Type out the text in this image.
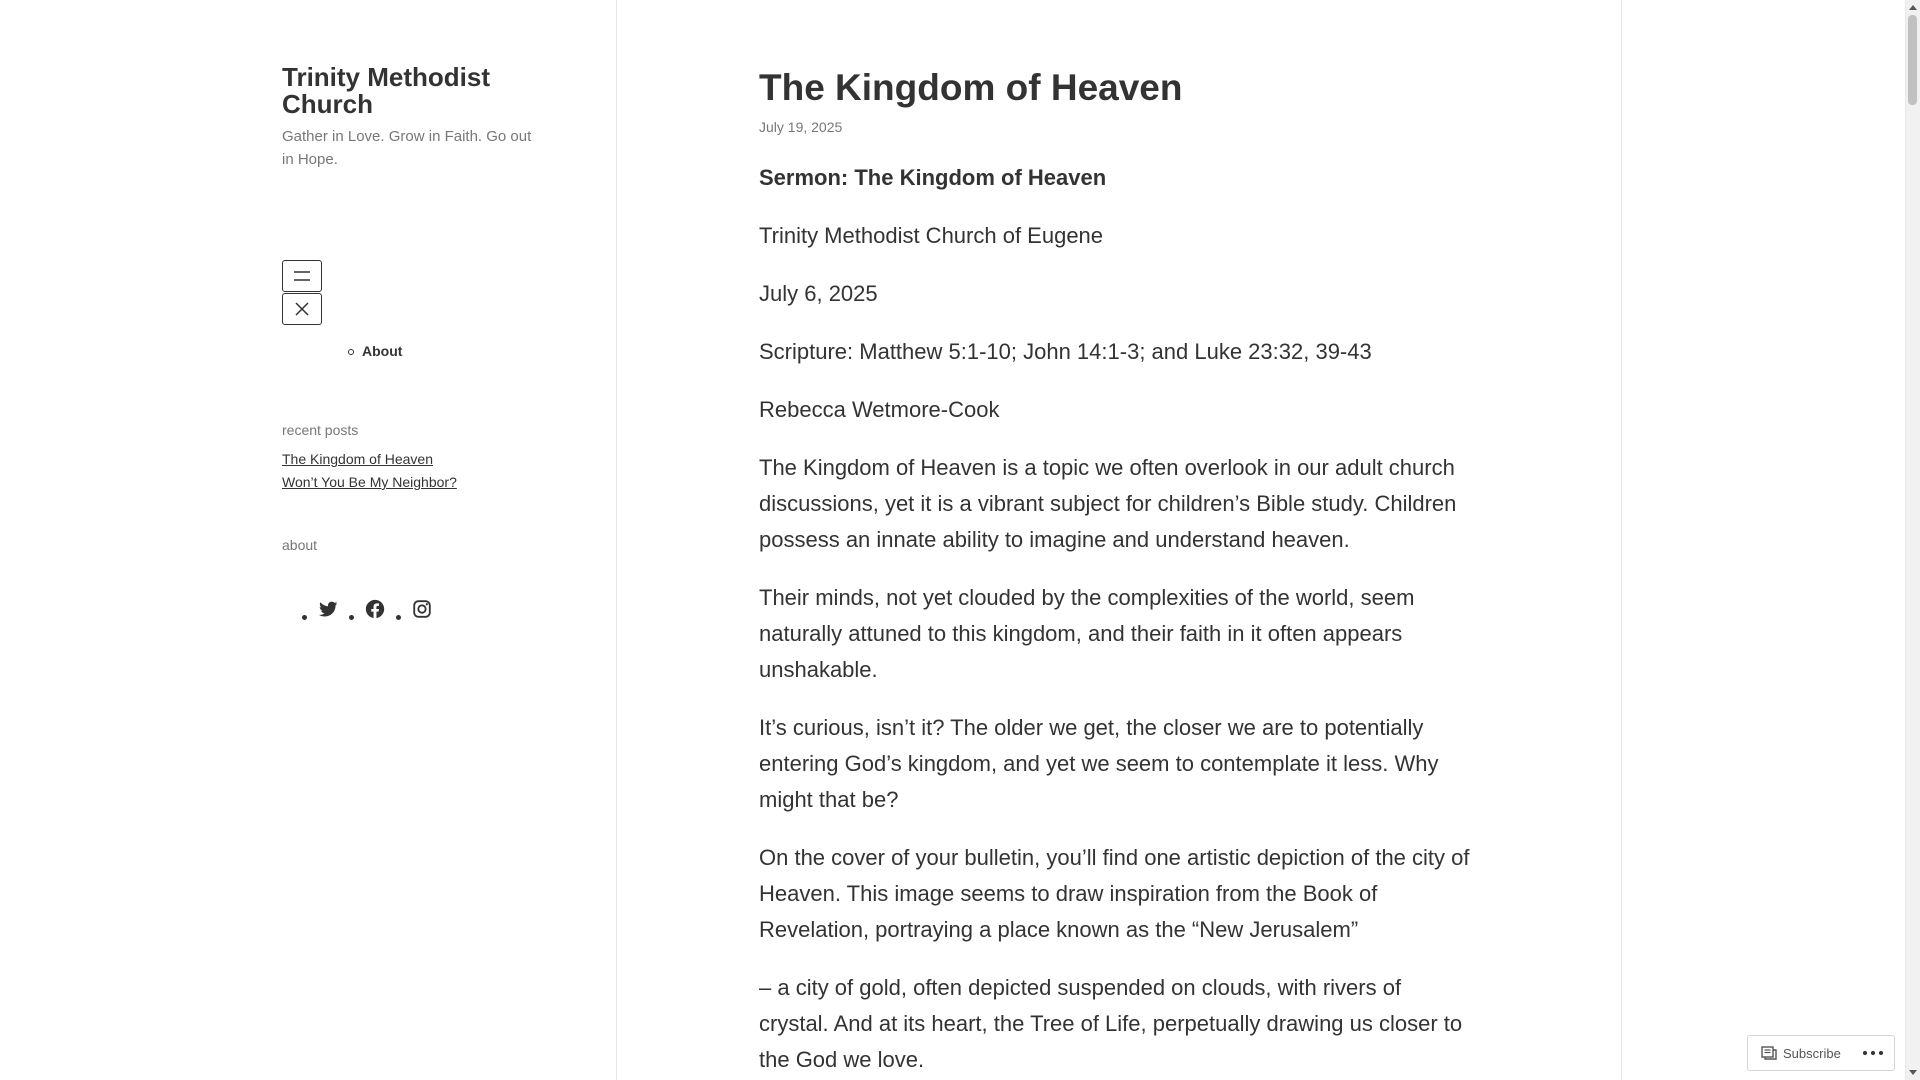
Trinity Methodist Church
Gather in Love. Grow in Faith. Go out in Hope.
About
recent posts
The Kingdom of Heaven
Won’t You Be My Neighbor?
about
The Kingdom of Heaven
July 19, 2025

Sermon: The Kingdom of Heaven

Trinity Methodist Church of Eugene

July 6, 2025

Scripture: Matthew 5:1-10; John 14:1-3; and Luke 23:32, 39-43

Rebecca Wetmore-Cook

The Kingdom of Heaven is a topic we often overlook in our adult church discussions, yet it is a vibrant subject for children’s Bible study. Children possess an innate ability to imagine and understand heaven.

Their minds, not yet clouded by the complexities of the world, seem naturally attuned to this kingdom, and their faith in it often appears unshakable.

It’s curious, isn’t it? The older we get, the closer we are to potentially entering God’s kingdom, and yet we seem to contemplate it less. Why might that be?

On the cover of your bulletin, you’ll find one artistic depiction of the city of Heaven. This image seems to draw inspiration from the Book of Revelation, portraying a place known as the “New Jerusalem”

– a city of gold, often depicted suspended on clouds, with rivers of crystal. And at its heart, the Tree of Life, perpetually drawing us closer to the God we love.	Subscribe
